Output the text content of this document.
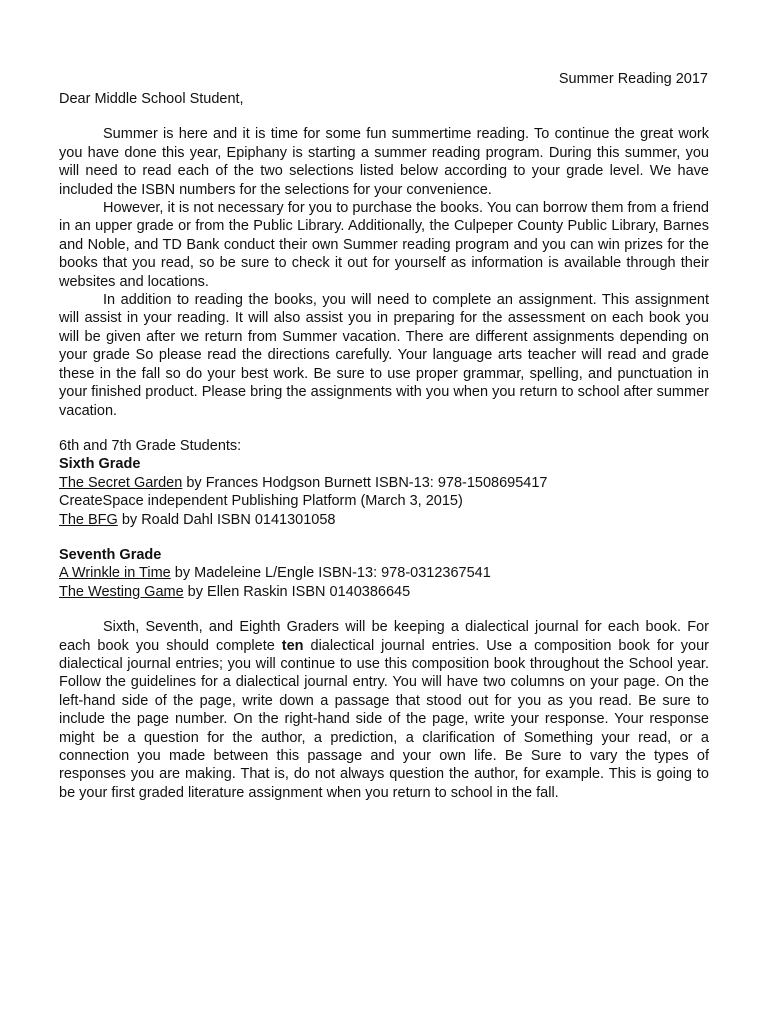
Summer Reading 2017

Dear Middle School Student,

Summer is here and it is time for some fun summertime reading. To continue the great work you have done this year, Epiphany is starting a summer reading program. During this summer, you will need to read each of the two selections listed below according to your grade level. We have included the ISBN numbers for the selections for your convenience.

However, it is not necessary for you to purchase the books. You can borrow them from a friend in an upper grade or from the Public Library. Additionally, the Culpeper County Public Library, Barnes and Noble, and TD Bank conduct their own Summer reading program and you can win prizes for the books that you read, so be sure to check it out for yourself as information is available through their websites and locations.

In addition to reading the books, you will need to complete an assignment. This assignment will assist in your reading. It will also assist you in preparing for the assessment on each book you will be given after we return from Summer vacation. There are different assignments depending on your grade So please read the directions carefully. Your language arts teacher will read and grade these in the fall so do your best work. Be sure to use proper grammar, spelling, and punctuation in your finished product. Please bring the assignments with you when you return to school after summer vacation.

6th and 7th Grade Students:

Sixth Grade

The Secret Garden by Frances Hodgson Burnett ISBN-13: 978-1508695417

CreateSpace independent Publishing Platform (March 3, 2015)

The BFG by Roald Dahl ISBN 0141301058

Seventh Grade

A Wrinkle in Time by Madeleine L/Engle ISBN-13: 978-0312367541

The Westing Game by Ellen Raskin ISBN 0140386645

Sixth, Seventh, and Eighth Graders will be keeping a dialectical journal for each book. For each book you should complete ten dialectical journal entries. Use a composition book for your dialectical journal entries; you will continue to use this composition book throughout the School year. Follow the guidelines for a dialectical journal entry. You will have two columns on your page. On the left-hand side of the page, write down a passage that stood out for you as you read. Be sure to include the page number. On the right-hand side of the page, write your response. Your response might be a question for the author, a prediction, a clarification of Something your read, or a connection you made between this passage and your own life. Be Sure to vary the types of responses you are making. That is, do not always question the author, for example. This is going to be your first graded literature assignment when you return to school in the fall.
